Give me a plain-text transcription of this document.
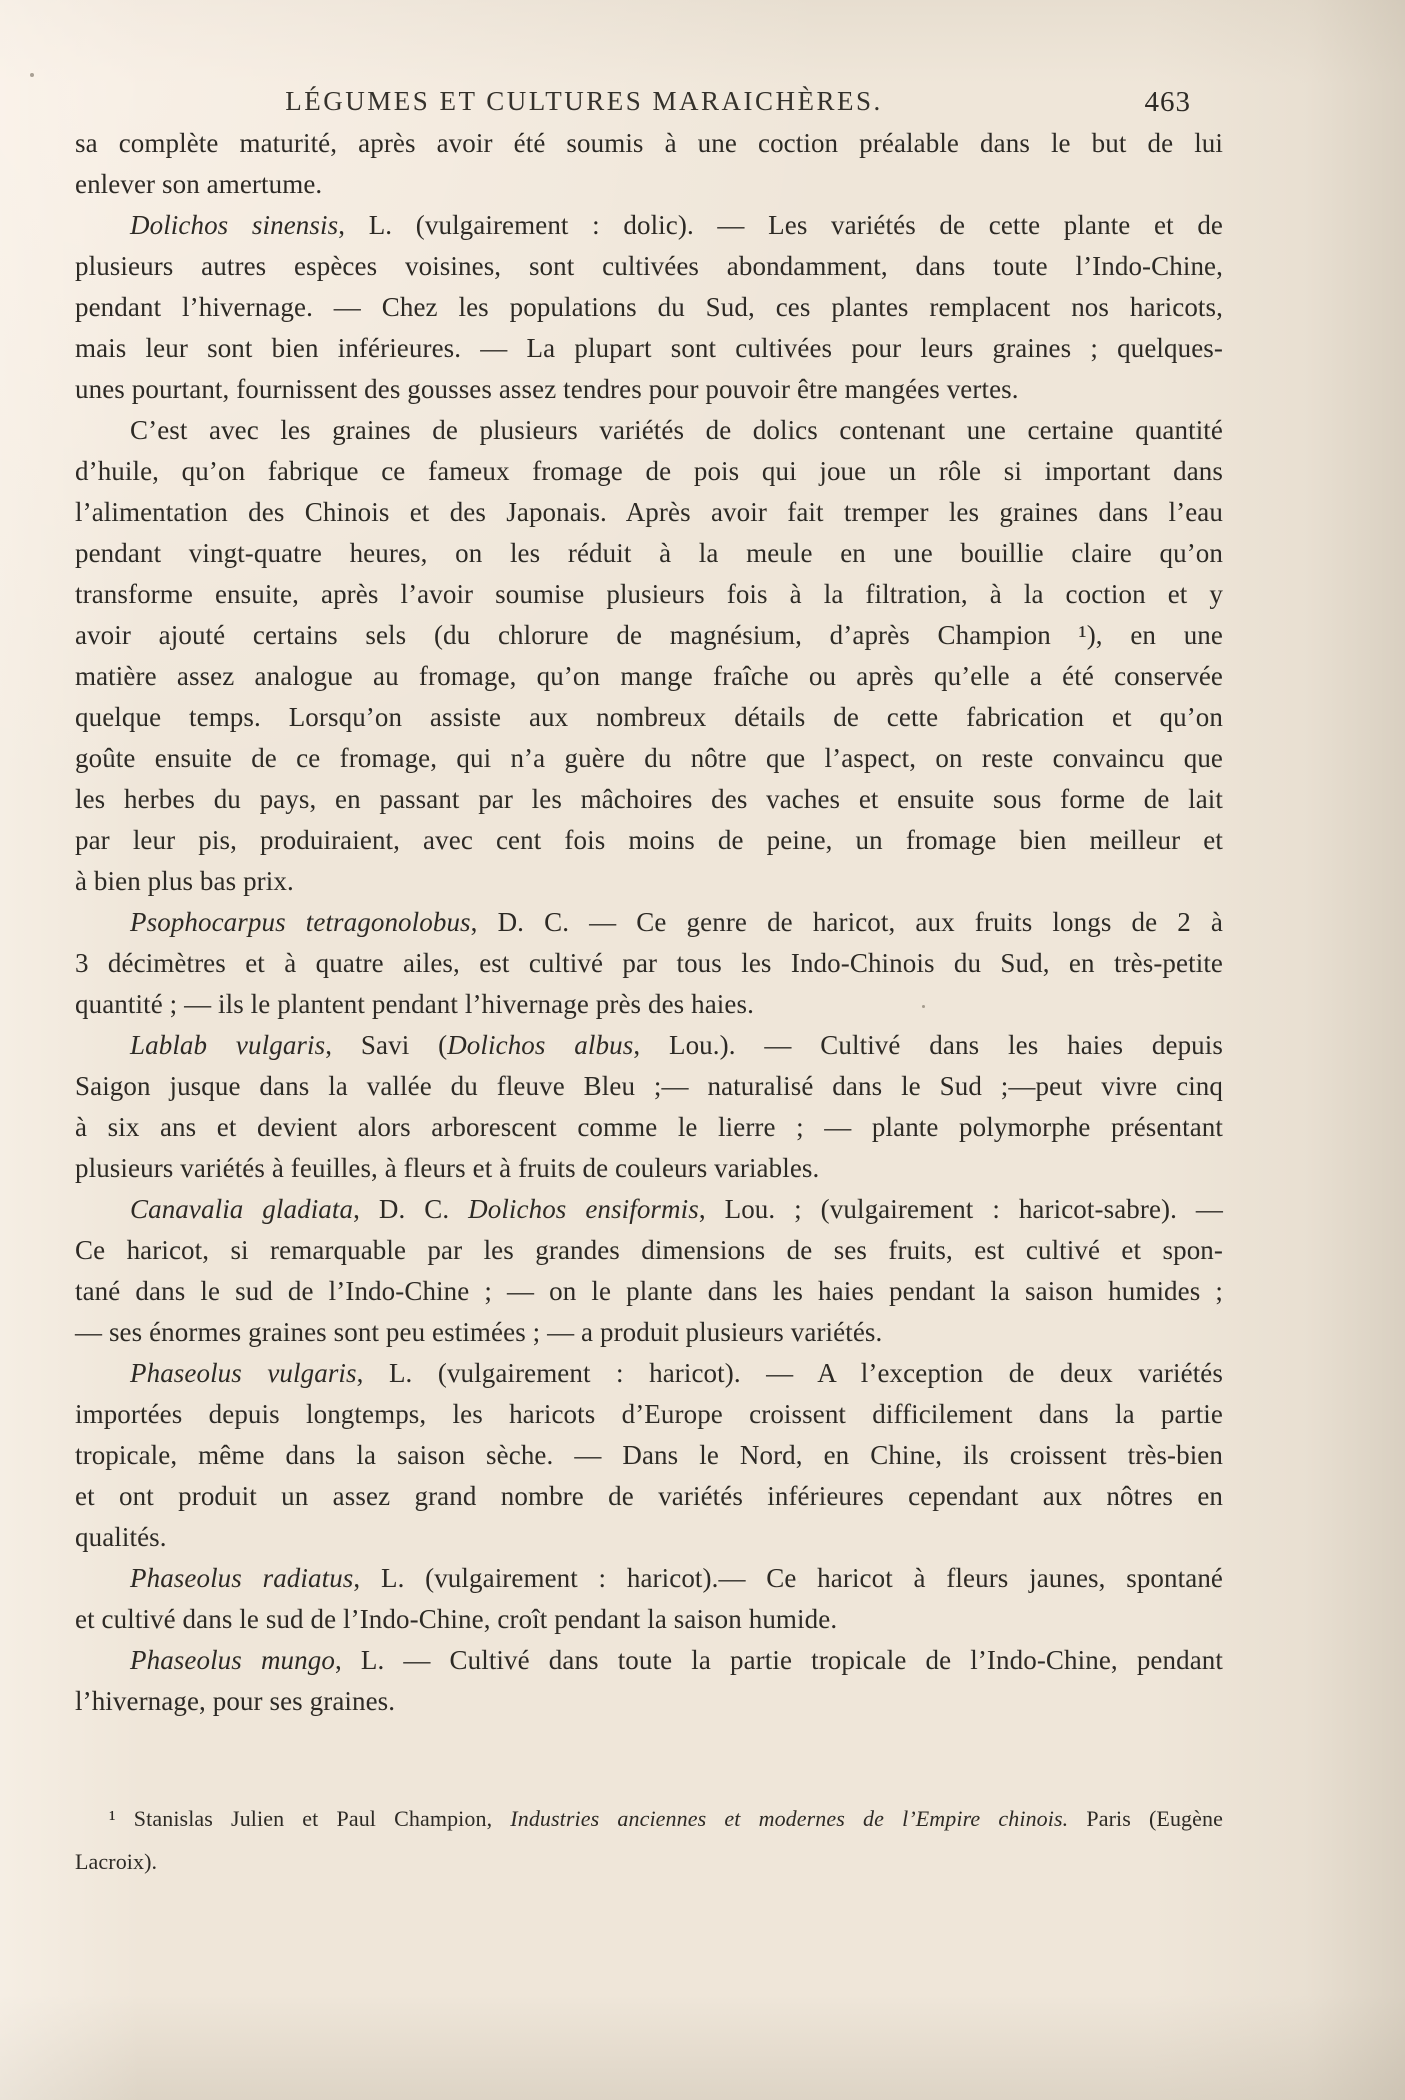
LÉGUMES ET CULTURES MARAICHÈRES.	463
sa complète maturité, après avoir été soumis à une coction préalable dans le but de lui
enlever son amertume.
Dolichos sinensis, L. (vulgairement : dolic). — Les variétés de cette plante et de
plusieurs autres espèces voisines, sont cultivées abondamment, dans toute l’Indo-Chine,
pendant l’hivernage. — Chez les populations du Sud, ces plantes remplacent nos haricots,
mais leur sont bien inférieures. — La plupart sont cultivées pour leurs graines ; quelques-
unes pourtant, fournissent des gousses assez tendres pour pouvoir être mangées vertes.
C’est avec les graines de plusieurs variétés de dolics contenant une certaine quantité
d’huile, qu’on fabrique ce fameux fromage de pois qui joue un rôle si important dans
l’alimentation des Chinois et des Japonais. Après avoir fait tremper les graines dans l’eau
pendant vingt-quatre heures, on les réduit à la meule en une bouillie claire qu’on
transforme ensuite, après l’avoir soumise plusieurs fois à la filtration, à la coction et y
avoir ajouté certains sels (du chlorure de magnésium, d’après Champion ¹), en une
matière assez analogue au fromage, qu’on mange fraîche ou après qu’elle a été conservée
quelque temps. Lorsqu’on assiste aux nombreux détails de cette fabrication et qu’on
goûte ensuite de ce fromage, qui n’a guère du nôtre que l’aspect, on reste convaincu que
les herbes du pays, en passant par les mâchoires des vaches et ensuite sous forme de lait
par leur pis, produiraient, avec cent fois moins de peine, un fromage bien meilleur et
à bien plus bas prix.
Psophocarpus tetragonolobus, D. C. — Ce genre de haricot, aux fruits longs de 2 à
3 décimètres et à quatre ailes, est cultivé par tous les Indo-Chinois du Sud, en très-petite
quantité ; — ils le plantent pendant l’hivernage près des haies.
Lablab vulgaris, Savi (Dolichos albus, Lou.). — Cultivé dans les haies depuis
Saigon jusque dans la vallée du fleuve Bleu ;— naturalisé dans le Sud ;—peut vivre cinq
à six ans et devient alors arborescent comme le lierre ; — plante polymorphe présentant
plusieurs variétés à feuilles, à fleurs et à fruits de couleurs variables.
Canavalia gladiata, D. C. Dolichos ensiformis, Lou. ; (vulgairement : haricot-sabre). —
Ce haricot, si remarquable par les grandes dimensions de ses fruits, est cultivé et spon-
tané dans le sud de l’Indo-Chine ; — on le plante dans les haies pendant la saison humides ;
— ses énormes graines sont peu estimées ; — a produit plusieurs variétés.
Phaseolus vulgaris, L. (vulgairement : haricot). — A l’exception de deux variétés
importées depuis longtemps, les haricots d’Europe croissent difficilement dans la partie
tropicale, même dans la saison sèche. — Dans le Nord, en Chine, ils croissent très-bien
et ont produit un assez grand nombre de variétés inférieures cependant aux nôtres en
qualités.
Phaseolus radiatus, L. (vulgairement : haricot).— Ce haricot à fleurs jaunes, spontané
et cultivé dans le sud de l’Indo-Chine, croît pendant la saison humide.
Phaseolus mungo, L. — Cultivé dans toute la partie tropicale de l’Indo-Chine, pendant
l’hivernage, pour ses graines.
¹ Stanislas Julien et Paul Champion, Industries anciennes et modernes de l’Empire chinois. Paris (Eugène
Lacroix).
